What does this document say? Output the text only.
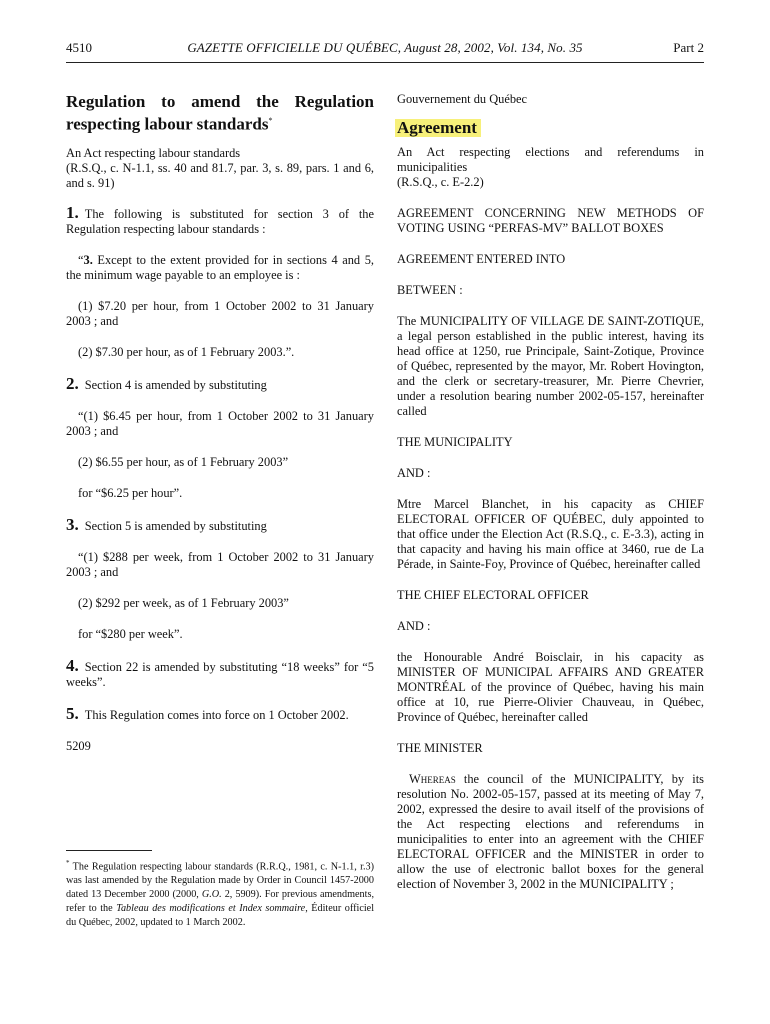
4510	GAZETTE OFFICIELLE DU QUÉBEC, August 28, 2002, Vol. 134, No. 35	Part 2
Regulation to amend the Regulation respecting labour standards*

An Act respecting labour standards
(R.S.Q., c. N-1.1, ss. 40 and 81.7, par. 3, s. 89, pars. 1 and 6, and s. 91)

1. The following is substituted for section 3 of the Regulation respecting labour standards :

“3. Except to the extent provided for in sections 4 and 5, the minimum wage payable to an employee is :

(1) $7.20 per hour, from 1 October 2002 to 31 January 2003 ; and

(2) $7.30 per hour, as of 1 February 2003.”.

2. Section 4 is amended by substituting

“(1) $6.45 per hour, from 1 October 2002 to 31 January 2003 ; and

(2) $6.55 per hour, as of 1 February 2003”

for “$6.25 per hour”.

3. Section 5 is amended by substituting

“(1) $288 per week, from 1 October 2002 to 31 January 2003 ; and

(2) $292 per week, as of 1 February 2003”

for “$280 per week”.

4. Section 22 is amended by substituting “18 weeks” for “5 weeks”.

5. This Regulation comes into force on 1 October 2002.

5209

* The Regulation respecting labour standards (R.R.Q., 1981, c. N-1.1, r.3) was last amended by the Regulation made by Order in Council 1457-2000 dated 13 December 2000 (2000, G.O. 2, 5909). For previous amendments, refer to the Tableau des modifications et Index sommaire, Éditeur officiel du Québec, 2002, updated to 1 March 2002.

Gouvernement du Québec

Agreement

An Act respecting elections and referendums in municipalities
(R.S.Q., c. E-2.2)

AGREEMENT CONCERNING NEW METHODS OF VOTING USING “PERFAS-MV” BALLOT BOXES

AGREEMENT ENTERED INTO

BETWEEN :

The MUNICIPALITY OF VILLAGE DE SAINT-ZOTIQUE, a legal person established in the public interest, having its head office at 1250, rue Principale, Saint-Zotique, Province of Québec, represented by the mayor, Mr. Robert Hovington, and the clerk or secretary-treasurer, Mr. Pierre Chevrier, under a resolution bearing number 2002-05-157, hereinafter called

THE MUNICIPALITY

AND :

Mtre Marcel Blanchet, in his capacity as CHIEF ELECTORAL OFFICER OF QUÉBEC, duly appointed to that office under the Election Act (R.S.Q., c. E-3.3), acting in that capacity and having his main office at 3460, rue de La Pérade, in Sainte-Foy, Province of Québec, hereinafter called

THE CHIEF ELECTORAL OFFICER

AND :

the Honourable André Boisclair, in his capacity as MINISTER OF MUNICIPAL AFFAIRS AND GREATER MONTRÉAL of the province of Québec, having his main office at 10, rue Pierre-Olivier Chauveau, in Québec, Province of Québec, hereinafter called

THE MINISTER

Whereas the council of the MUNICIPALITY, by its resolution No. 2002-05-157, passed at its meeting of May 7, 2002, expressed the desire to avail itself of the provisions of the Act respecting elections and referendums in municipalities to enter into an agreement with the CHIEF ELECTORAL OFFICER and the MINISTER in order to allow the use of electronic ballot boxes for the general election of November 3, 2002 in the MUNICIPALITY ;
